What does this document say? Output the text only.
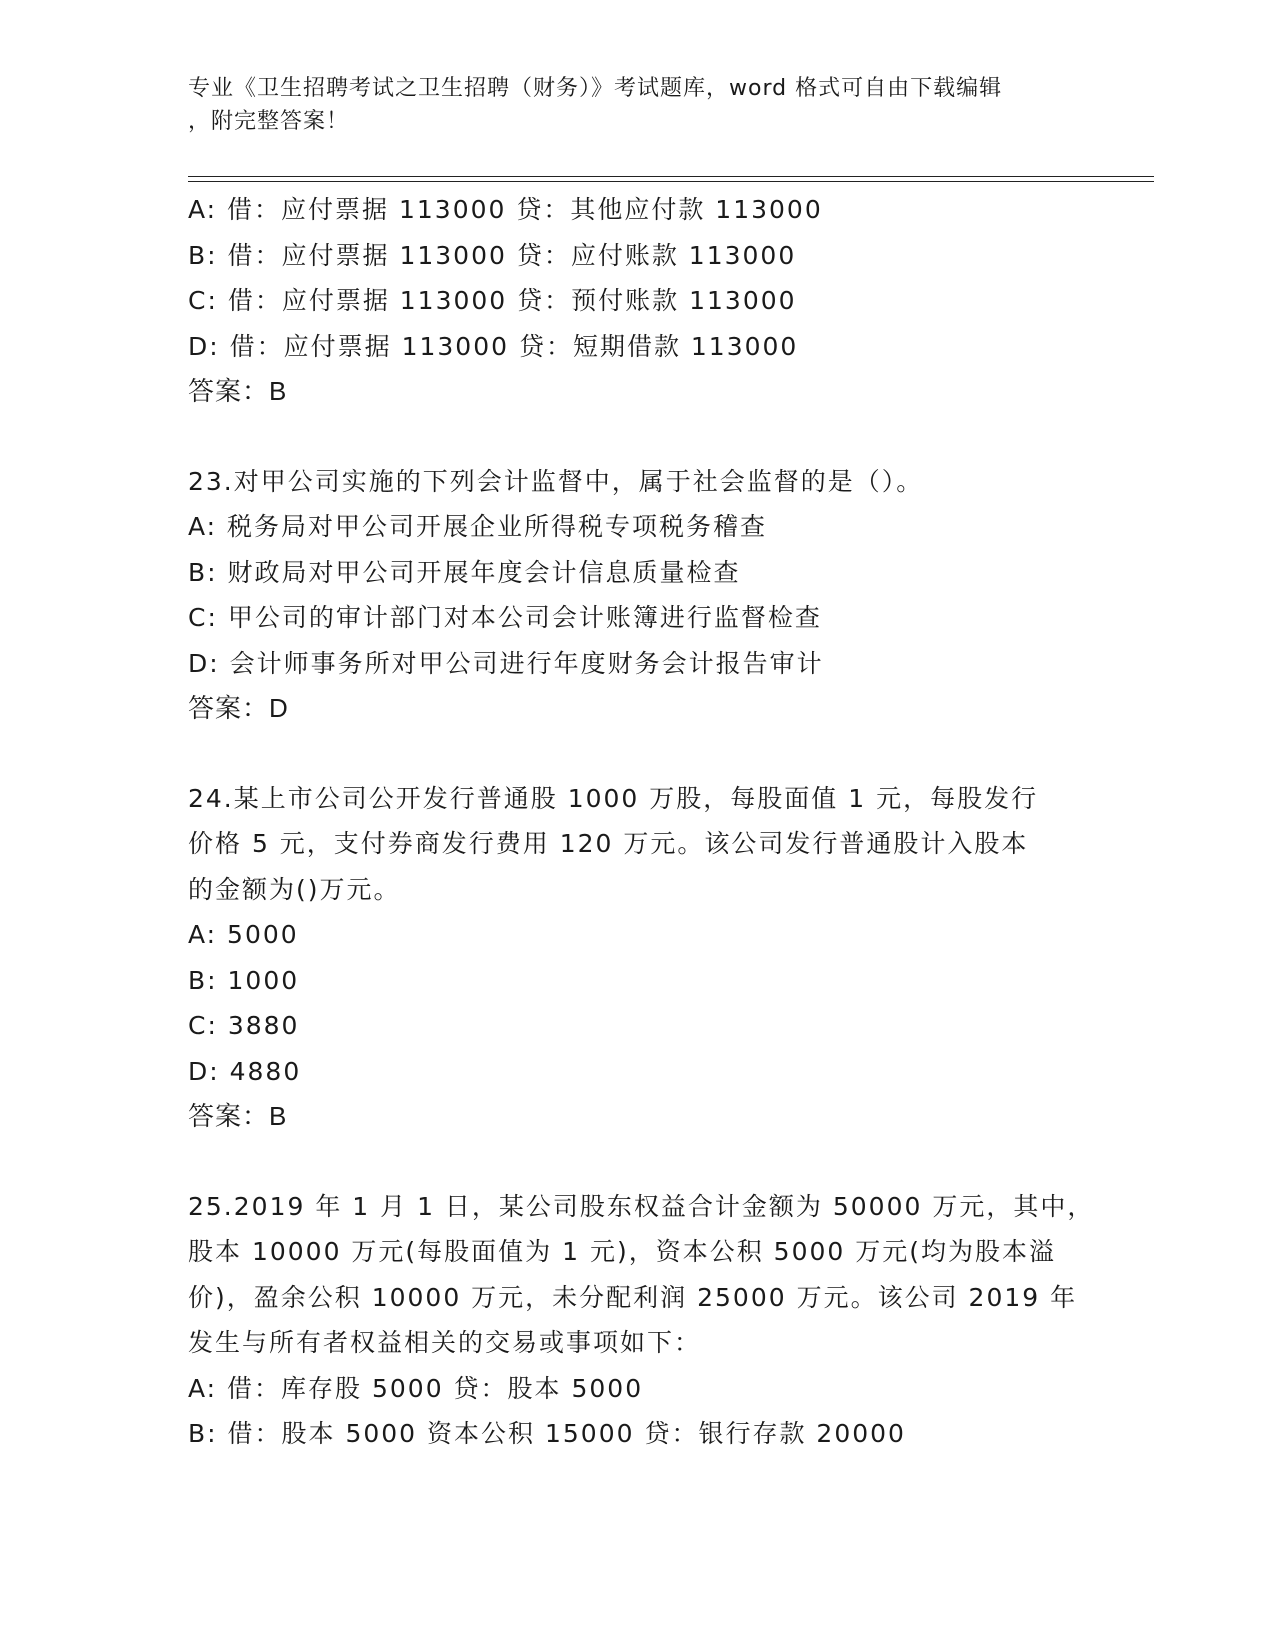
专业《卫生招聘考试之卫生招聘（财务）》考试题库，word 格式可自由下载编辑
，附完整答案！
A: 借：应付票据 113000 贷：其他应付款 113000
B: 借：应付票据 113000 贷：应付账款 113000
C: 借：应付票据 113000 贷：预付账款 113000
D: 借：应付票据 113000 贷：短期借款 113000
答案：B
23.对甲公司实施的下列会计监督中，属于社会监督的是（）。
A: 税务局对甲公司开展企业所得税专项税务稽查
B: 财政局对甲公司开展年度会计信息质量检查
C: 甲公司的审计部门对本公司会计账簿进行监督检查
D: 会计师事务所对甲公司进行年度财务会计报告审计
答案：D
24.某上市公司公开发行普通股 1000 万股，每股面值 1 元，每股发行
价格 5 元，支付券商发行费用 120 万元。该公司发行普通股计入股本
的金额为()万元。
A: 5000
B: 1000
C: 3880
D: 4880
答案：B
25.2019 年 1 月 1 日，某公司股东权益合计金额为 50000 万元，其中，
股本 10000 万元(每股面值为 1 元)，资本公积 5000 万元(均为股本溢
价)，盈余公积 10000 万元，未分配利润 25000 万元。该公司 2019 年
发生与所有者权益相关的交易或事项如下：
A: 借：库存股 5000 贷：股本 5000
B: 借：股本 5000 资本公积 15000 贷：银行存款 20000
